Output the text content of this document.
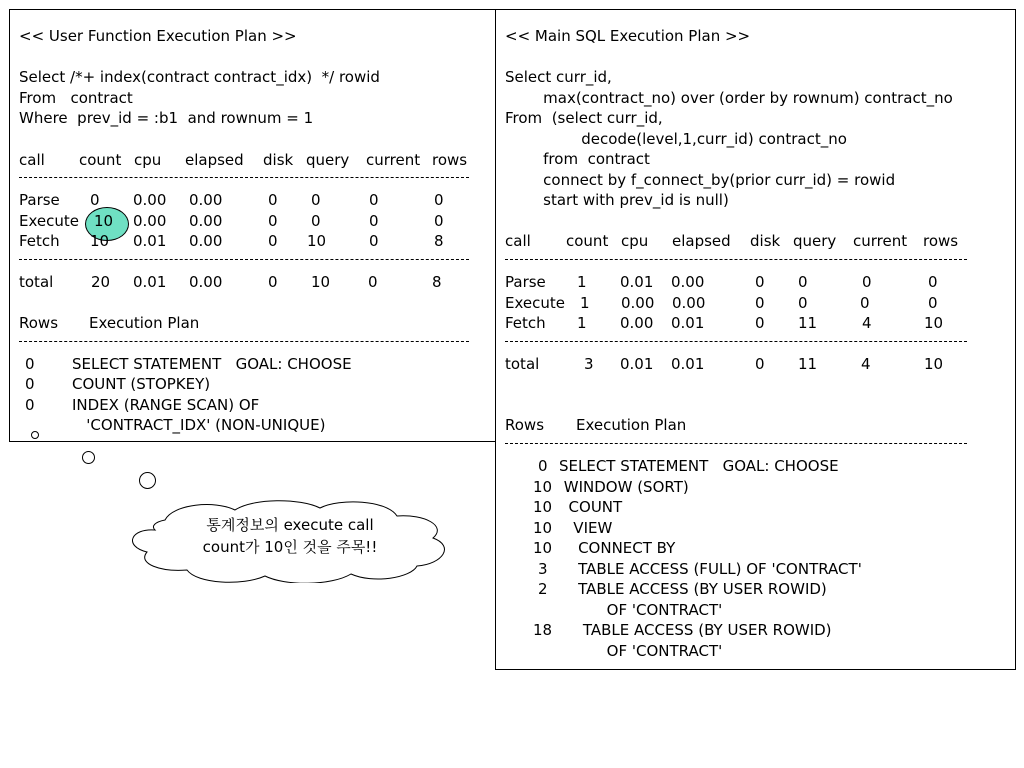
<< User Function Execution Plan >>
Select /*+ index(contract contract_idx)  */ rowid
From   contract
Where  prev_id = :b1  and rownum = 1
call count cpu elapsed disk query current rows
Parse 0 0.00 0.00	0 0	0	0
Execute 10 0.00 0.00	0 0	0	0
Fetch 10 0.01 0.00	0 10	0	8
total	20 0.01 0.00	0 10	0	8
Rows Execution Plan
0 SELECT STATEMENT   GOAL: CHOOSE
0 COUNT (STOPKEY)
0 INDEX (RANGE SCAN) OF
'CONTRACT_IDX' (NON-UNIQUE)
<< Main SQL Execution Plan >>
Select curr_id,
max(contract_no) over (order by rownum) contract_no
From  (select curr_id,
decode(level,1,curr_id) contract_no
from  contract
connect by f_connect_by(prior curr_id) = rowid
start with prev_id is null)
call count cpu elapsed disk query current rows
Parse 1 0.01 0.00	0 0	0	0
Execute 1 0.00 0.00	0 0	0	0
Fetch 1 0.00 0.01	0 11	4	10
total	3 0.01 0.01	0 11	4	10
Rows Execution Plan
0 SELECT STATEMENT   GOAL: CHOOSE
10 WINDOW (SORT)
10 COUNT
10 VIEW
10 CONNECT BY
3 TABLE ACCESS (FULL) OF 'CONTRACT'
2 TABLE ACCESS (BY USER ROWID)
OF 'CONTRACT'
18 TABLE ACCESS (BY USER ROWID)
OF 'CONTRACT'
통계정보의 execute call
count가 10인 것을 주목!!
